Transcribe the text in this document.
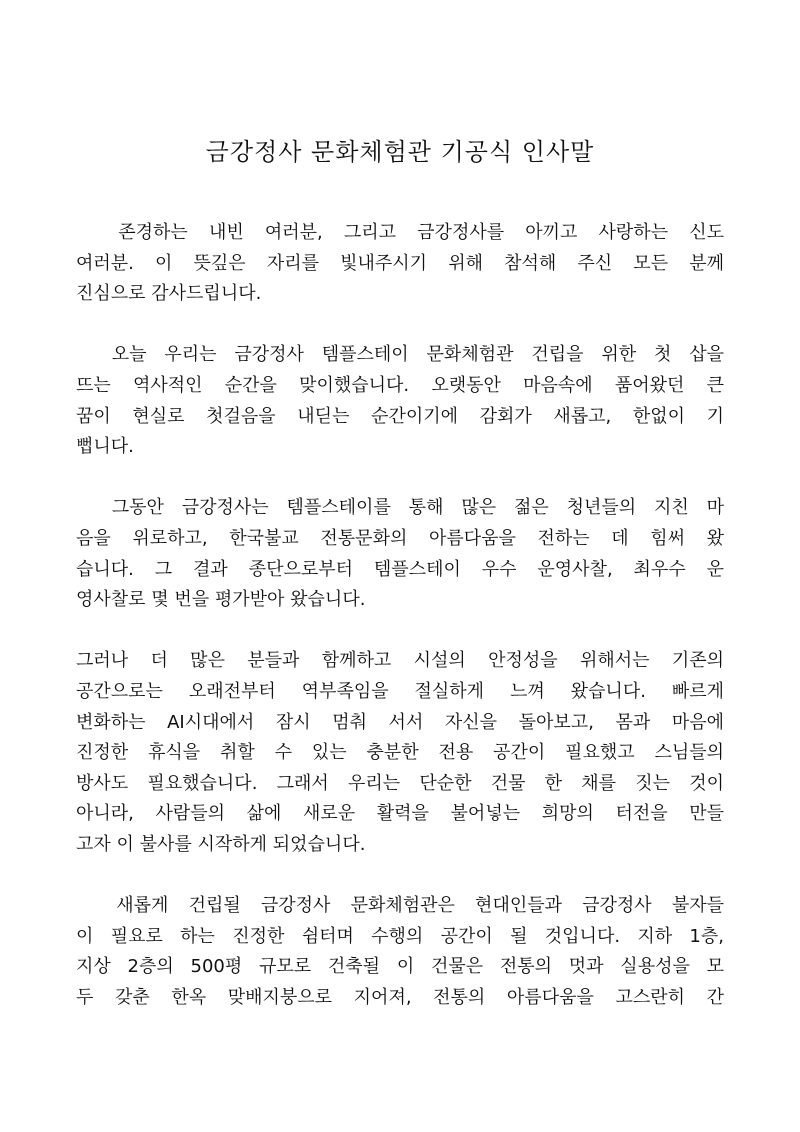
금강정사 문화체험관 기공식 인사말
존경하는 내빈 여러분, 그리고 금강정사를 아끼고 사랑하는 신도
여러분. 이 뜻깊은 자리를 빛내주시기 위해 참석해 주신 모든 분께
진심으로 감사드립니다.
오늘 우리는 금강정사 템플스테이 문화체험관 건립을 위한 첫 삽을
뜨는 역사적인 순간을 맞이했습니다. 오랫동안 마음속에 품어왔던 큰
꿈이 현실로 첫걸음을 내딛는 순간이기에 감회가 새롭고, 한없이 기
뻡니다.
그동안 금강정사는 템플스테이를 통해 많은 젊은 청년들의 지친 마
음을 위로하고, 한국불교 전통문화의 아름다움을 전하는 데 힘써 왔
습니다. 그 결과 종단으로부터 템플스테이 우수 운영사찰, 최우수 운
영사찰로 몇 번을 평가받아 왔습니다.
그러나 더 많은 분들과 함께하고 시설의 안정성을 위해서는 기존의
공간으로는 오래전부터 역부족임을 절실하게 느껴 왔습니다. 빠르게
변화하는 AI시대에서 잠시 멈춰 서서 자신을 돌아보고, 몸과 마음에
진정한 휴식을 취할 수 있는 충분한 전용 공간이 필요했고 스님들의
방사도 필요했습니다. 그래서 우리는 단순한 건물 한 채를 짓는 것이
아니라, 사람들의 삶에 새로운 활력을 불어넣는 희망의 터전을 만들
고자 이 불사를 시작하게 되었습니다.
새롭게 건립될 금강정사 문화체험관은 현대인들과 금강정사 불자들
이 필요로 하는 진정한 쉼터며 수행의 공간이 될 것입니다. 지하 1층,
지상 2층의 500평 규모로 건축될 이 건물은 전통의 멋과 실용성을 모
두 갖춘 한옥 맞배지붕으로 지어져, 전통의 아름다움을 고스란히 간
